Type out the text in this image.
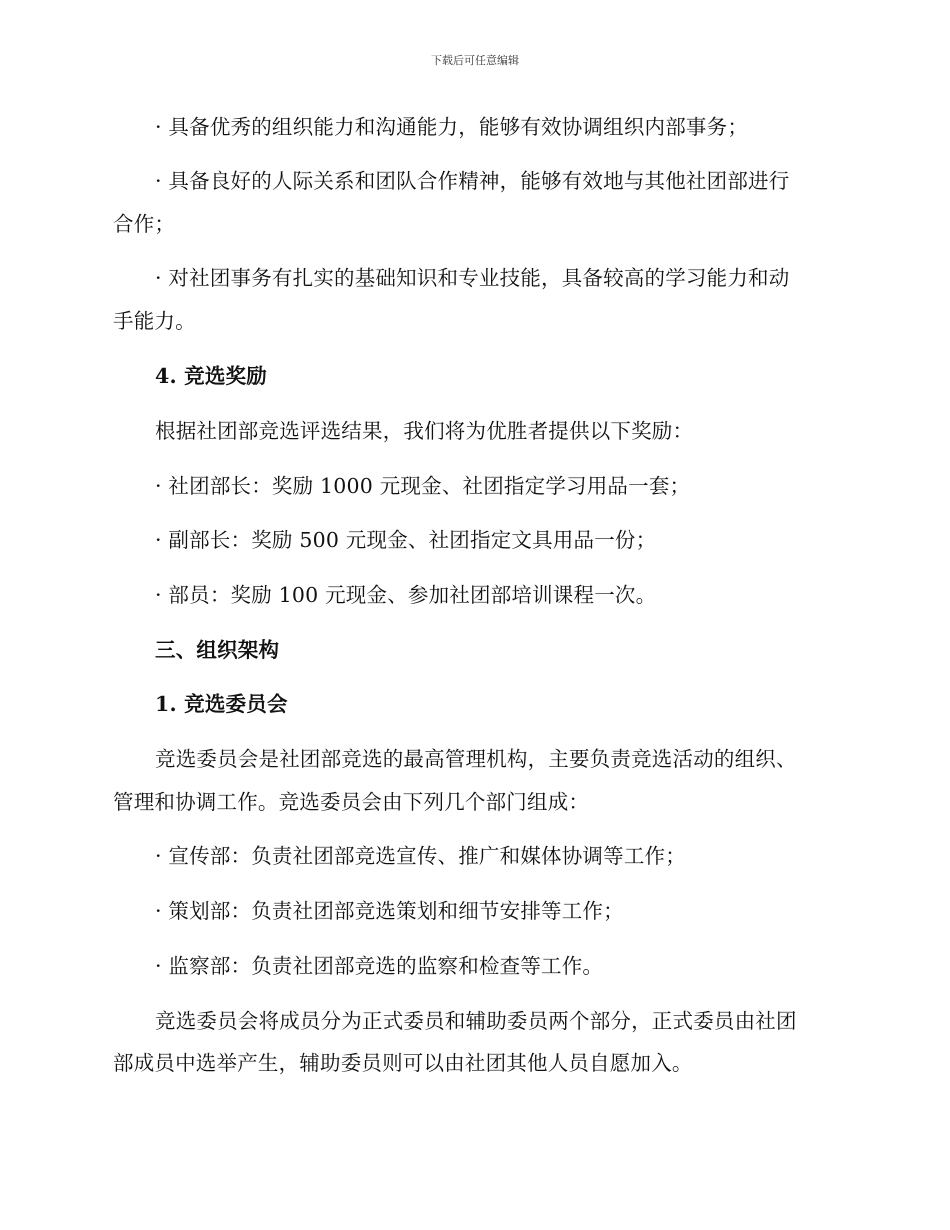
下载后可任意编辑
· 具备优秀的组织能力和沟通能力，能够有效协调组织内部事务；
· 具备良好的人际关系和团队合作精神，能够有效地与其他社团部进行
合作；
· 对社团事务有扎实的基础知识和专业技能，具备较高的学习能力和动
手能力。
4. 竞选奖励
根据社团部竞选评选结果，我们将为优胜者提供以下奖励：
· 社团部长：奖励 1000 元现金、社团指定学习用品一套；
· 副部长：奖励 500 元现金、社团指定文具用品一份；
· 部员：奖励 100 元现金、参加社团部培训课程一次。
三、组织架构
1. 竞选委员会
竞选委员会是社团部竞选的最高管理机构，主要负责竞选活动的组织、
管理和协调工作。竞选委员会由下列几个部门组成：
· 宣传部：负责社团部竞选宣传、推广和媒体协调等工作；
· 策划部：负责社团部竞选策划和细节安排等工作；
· 监察部：负责社团部竞选的监察和检查等工作。
竞选委员会将成员分为正式委员和辅助委员两个部分，正式委员由社团
部成员中选举产生，辅助委员则可以由社团其他人员自愿加入。
